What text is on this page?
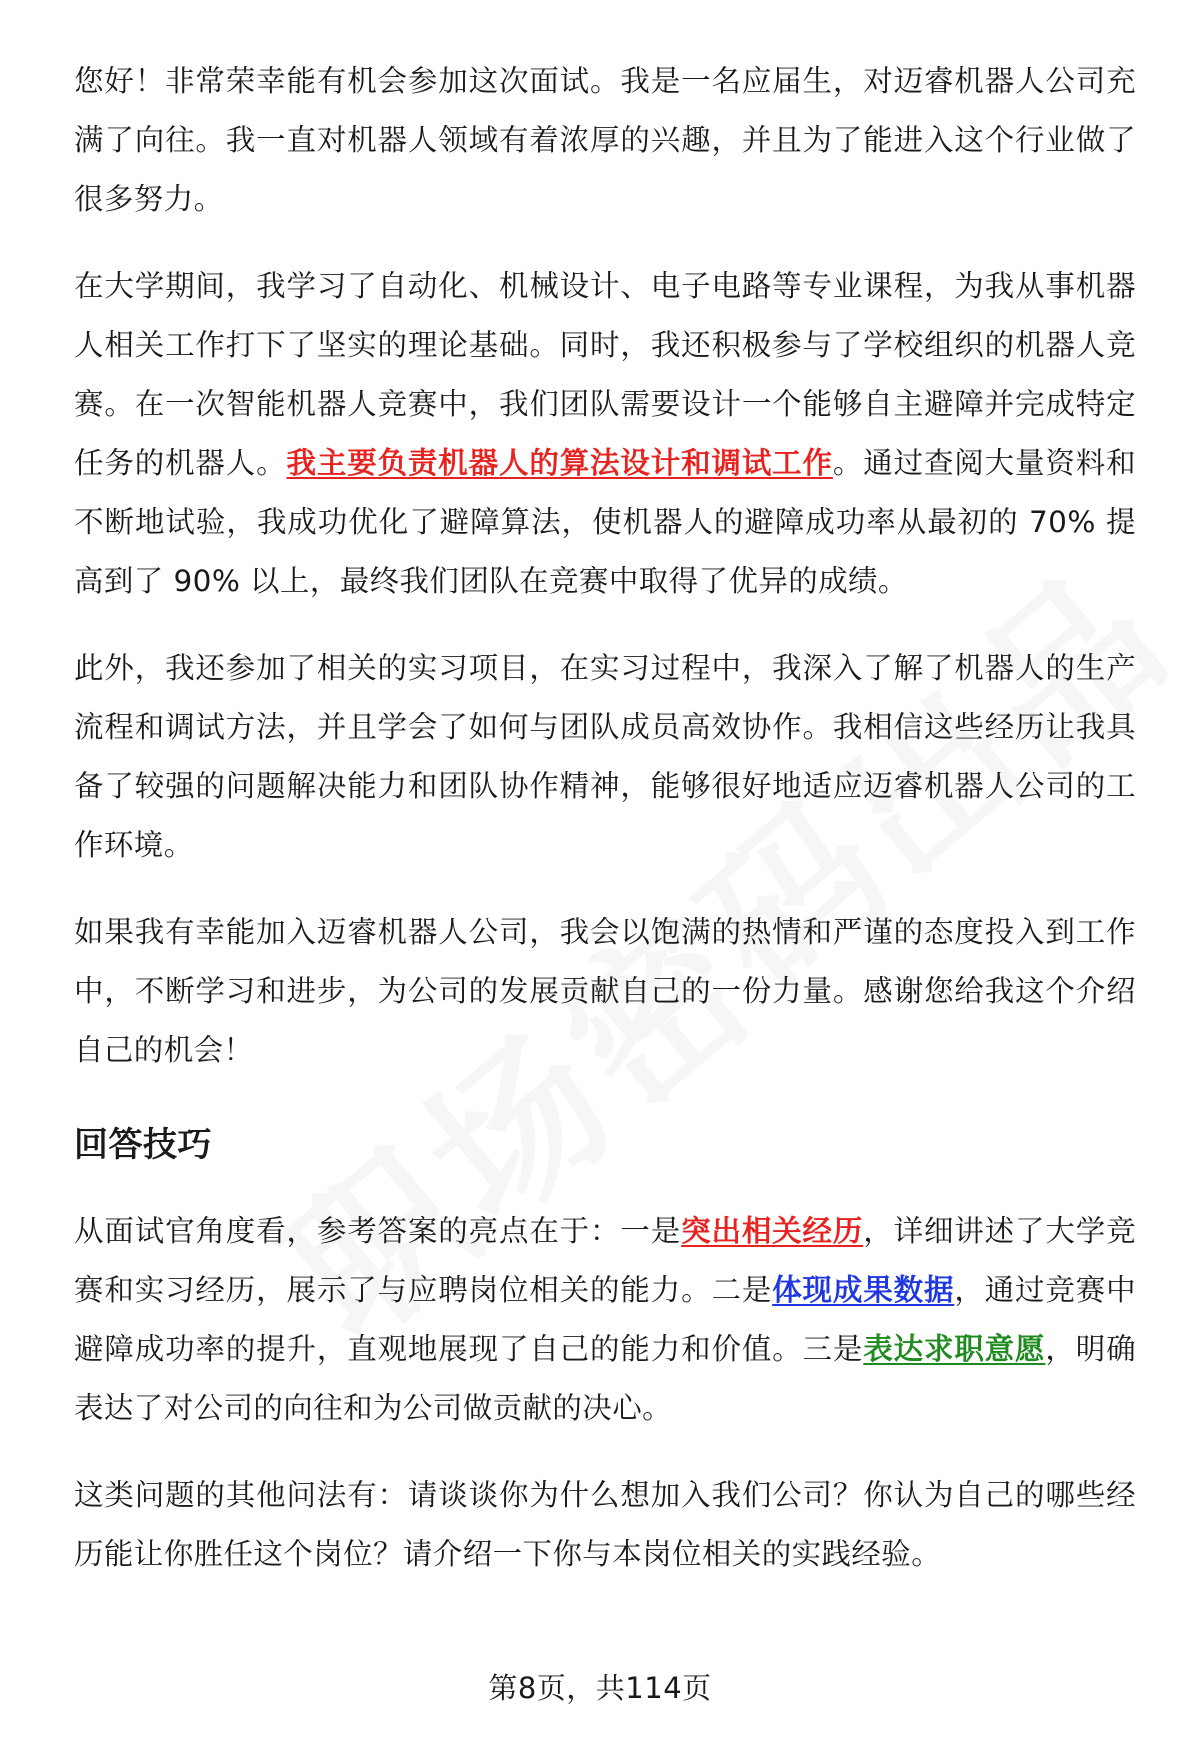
您好！非常荣幸能有机会参加这次面试。我是一名应届生，对迈睿机器人公司充满了向往。我一直对机器人领域有着浓厚的兴趣，并且为了能进入这个行业做了很多努力。

在大学期间，我学习了自动化、机械设计、电子电路等专业课程，为我从事机器人相关工作打下了坚实的理论基础。同时，我还积极参与了学校组织的机器人竞赛。在一次智能机器人竞赛中，我们团队需要设计一个能够自主避障并完成特定任务的机器人。我主要负责机器人的算法设计和调试工作。通过查阅大量资料和不断地试验，我成功优化了避障算法，使机器人的避障成功率从最初的 70% 提高到了 90% 以上，最终我们团队在竞赛中取得了优异的成绩。

此外，我还参加了相关的实习项目，在实习过程中，我深入了解了机器人的生产流程和调试方法，并且学会了如何与团队成员高效协作。我相信这些经历让我具备了较强的问题解决能力和团队协作精神，能够很好地适应迈睿机器人公司的工作环境。

如果我有幸能加入迈睿机器人公司，我会以饱满的热情和严谨的态度投入到工作中，不断学习和进步，为公司的发展贡献自己的一份力量。感谢您给我这个介绍自己的机会！

回答技巧

从面试官角度看，参考答案的亮点在于：一是突出相关经历，详细讲述了大学竞赛和实习经历，展示了与应聘岗位相关的能力。二是体现成果数据，通过竞赛中避障成功率的提升，直观地展现了自己的能力和价值。三是表达求职意愿，明确表达了对公司的向往和为公司做贡献的决心。

这类问题的其他问法有：请谈谈你为什么想加入我们公司？你认为自己的哪些经历能让你胜任这个岗位？请介绍一下你与本岗位相关的实践经验。

第8页，共114页
